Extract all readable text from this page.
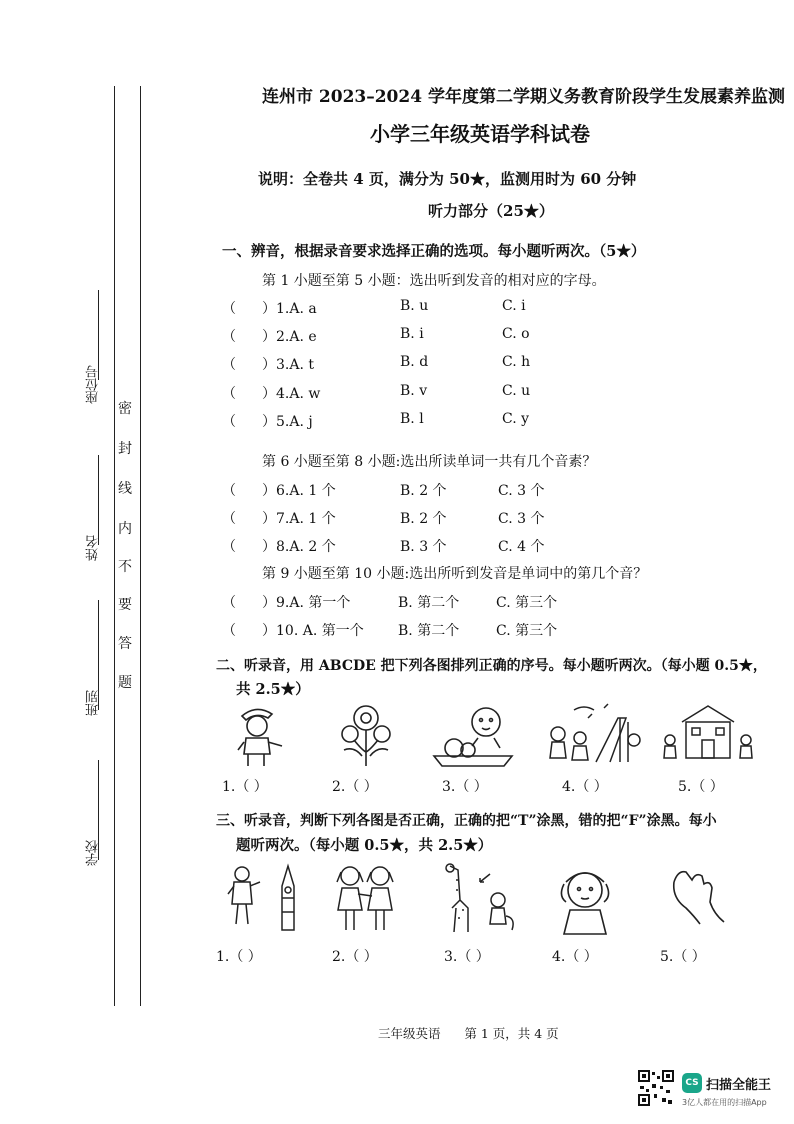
座位号
姓名
班别
学校
密
封
线
内
不
要
答
题
连州市 2023–2024 学年度第二学期义务教育阶段学生发展素养监测
小学三年级英语学科试卷
说明：全卷共 4 页，满分为 50★，监测用时为 60 分钟
听力部分（25★）
一、辨音，根据录音要求选择正确的选项。每小题听两次。（5★）
第 1 小题至第 5 小题：选出听到发音的相对应的字母。
（ ）1.A. a	B. u	C. i
（ ）2.A. e	B. i	C. o
（ ）3.A. t	B. d	C. h
（ ）4.A. w	B. v	C. u
（ ）5.A. j	B. l	C. y
第 6 小题至第 8 小题:选出所读单词一共有几个音素？
（ ）6.A. 1 个	B. 2 个	C. 3 个
（ ）7.A. 1 个	B. 2 个	C. 3 个
（ ）8.A. 2 个	B. 3 个	C. 4 个
第 9 小题至第 10 小题:选出所听到发音是单词中的第几个音？
（ ）9.A. 第一个	B. 第二个	C. 第三个
（ ）10. A. 第一个 B. 第二个	C. 第三个
二、听录音，用 ABCDE 把下列各图排列正确的序号。每小题听两次。（每小题 0.5★，
共 2.5★）
1.（ ）	2.（ ）	3.（ ）	4.（ ）	5.（ ）
三、听录音，判断下列各图是否正确，正确的把“T”涂黑，错的把“F”涂黑。每小
题听两次。（每小题 0.5★，共 2.5★）
1.（ ）	2.（ ）	3.（ ）	4.（ ）	5.（ ）
三年级英语      第 1 页，共 4 页
CS 扫描全能王
3亿人都在用的扫描App
